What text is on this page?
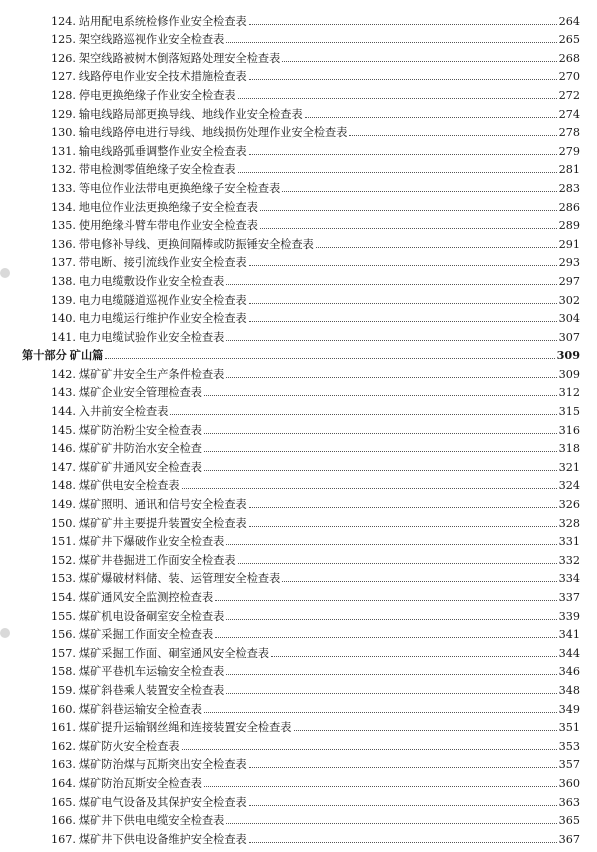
124. 站用配电系统检修作业安全检查表	264
125. 架空线路巡视作业安全检查表	265
126. 架空线路被树木倒落短路处理安全检查表	268
127. 线路停电作业安全技术措施检查表	270
128. 停电更换绝缘子作业安全检查表	272
129. 输电线路局部更换导线、地线作业安全检查表	274
130. 输电线路停电进行导线、地线损伤处理作业安全检查表	278
131. 输电线路弧垂调整作业安全检查表	279
132. 带电检测零值绝缘子安全检查表	281
133. 等电位作业法带电更换绝缘子安全检查表	283
134. 地电位作业法更换绝缘子安全检查表	286
135. 使用绝缘斗臂车带电作业安全检查表	289
136. 带电修补导线、更换间隔棒或防振锤安全检查表	291
137. 带电断、接引流线作业安全检查表	293
138. 电力电缆敷设作业安全检查表	297
139. 电力电缆隧道巡视作业安全检查表	302
140. 电力电缆运行维护作业安全检查表	304
141. 电力电缆试验作业安全检查表	307
第十部分 矿山篇	309
142. 煤矿矿井安全生产条件检查表	309
143. 煤矿企业安全管理检查表	312
144. 入井前安全检查表	315
145. 煤矿防治粉尘安全检查表	316
146. 煤矿矿井防治水安全检查	318
147. 煤矿矿井通风安全检查表	321
148. 煤矿供电安全检查表	324
149. 煤矿照明、通讯和信号安全检查表	326
150. 煤矿矿井主要提升装置安全检查表	328
151. 煤矿井下爆破作业安全检查表	331
152. 煤矿井巷掘进工作面安全检查表	332
153. 煤矿爆破材料储、装、运管理安全检查表	334
154. 煤矿通风安全监测控检查表	337
155. 煤矿机电设备硐室安全检查表	339
156. 煤矿采掘工作面安全检查表	341
157. 煤矿采掘工作面、硐室通风安全检查表	344
158. 煤矿平巷机车运输安全检查表	346
159. 煤矿斜巷乘人装置安全检查表	348
160. 煤矿斜巷运输安全检查表	349
161. 煤矿提升运输钢丝绳和连接装置安全检查表	351
162. 煤矿防火安全检查表	353
163. 煤矿防治煤与瓦斯突出安全检查表	357
164. 煤矿防治瓦斯安全检查表	360
165. 煤矿电气设备及其保护安全检查表	363
166. 煤矿井下供电电缆安全检查表	365
167. 煤矿井下供电设备维护安全检查表	367
